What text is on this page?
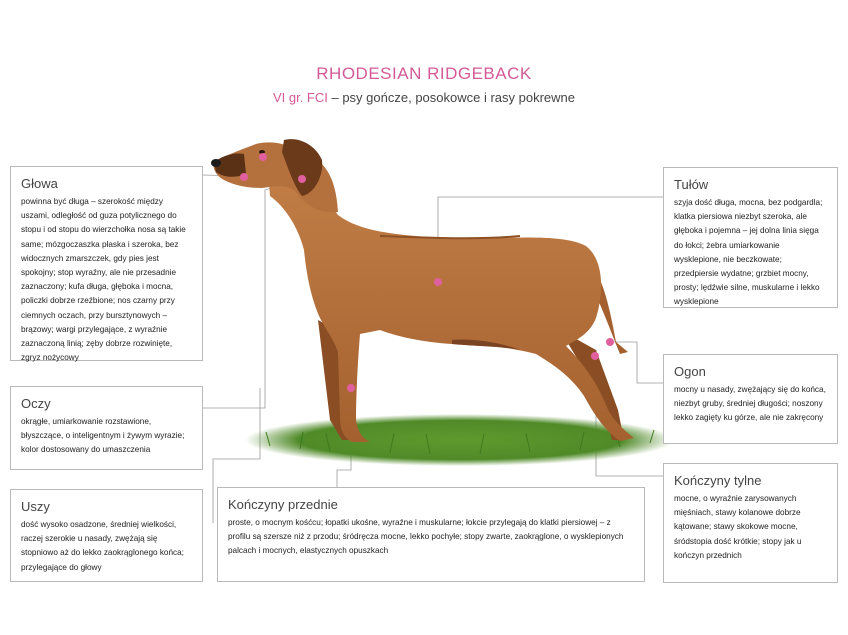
RHODESIAN RIDGEBACK
VI gr. FCI – psy gończe, posokowce i rasy pokrewne
Głowa

powinna być długa – szerokość między uszami, odległość od guza potylicznego do stopu i od stopu do wierzchołka nosa są takie same; mózgoczaszka płaska i szeroka, bez widocznych zmarszczek, gdy pies jest spokojny; stop wyraźny, ale nie przesadnie zaznaczony; kufa długa, głęboka i mocna, policzki dobrze rzeźbione; nos czarny przy ciemnych oczach, przy bursztynowych – brązowy; wargi przylegające, z wyraźnie zaznaczoną linią; zęby dobrze rozwinięte, zgryz nożycowy

Oczy

okrągłe, umiarkowanie rozstawione, błyszczące, o inteligentnym i żywym wyrazie; kolor dostosowany do umaszczenia

Uszy

dość wysoko osadzone, średniej wielkości, raczej szerokie u nasady, zwężają się stopniowo aż do lekko zaokrąglonego końca; przylegające do głowy

Kończyny przednie

proste, o mocnym kośćcu; łopatki ukośne, wyraźne i muskularne; łokcie przylegają do klatki piersiowej – z profilu są szersze niż z przodu; śródręcza mocne, lekko pochyłe; stopy zwarte, zaokrąglone, o wysklepionych palcach i mocnych, elastycznych opuszkach

Tułów

szyja dość długa, mocna, bez podgardla; klatka piersiowa niezbyt szeroka, ale głęboka i pojemna – jej dolna linia sięga do łokci; żebra umiarkowanie wysklepione, nie beczkowate; przedpiersie wydatne; grzbiet mocny, prosty; lędźwie silne, muskularne i lekko wysklepione

Ogon

mocny u nasady, zwężający się do końca, niezbyt gruby, średniej długości; noszony lekko zagięty ku górze, ale nie zakręcony

Kończyny tylne

mocne, o wyraźnie zarysowanych mięśniach, stawy kolanowe dobrze kątowane; stawy skokowe mocne, śródstopia dość krótkie; stopy jak u kończyn przednich
